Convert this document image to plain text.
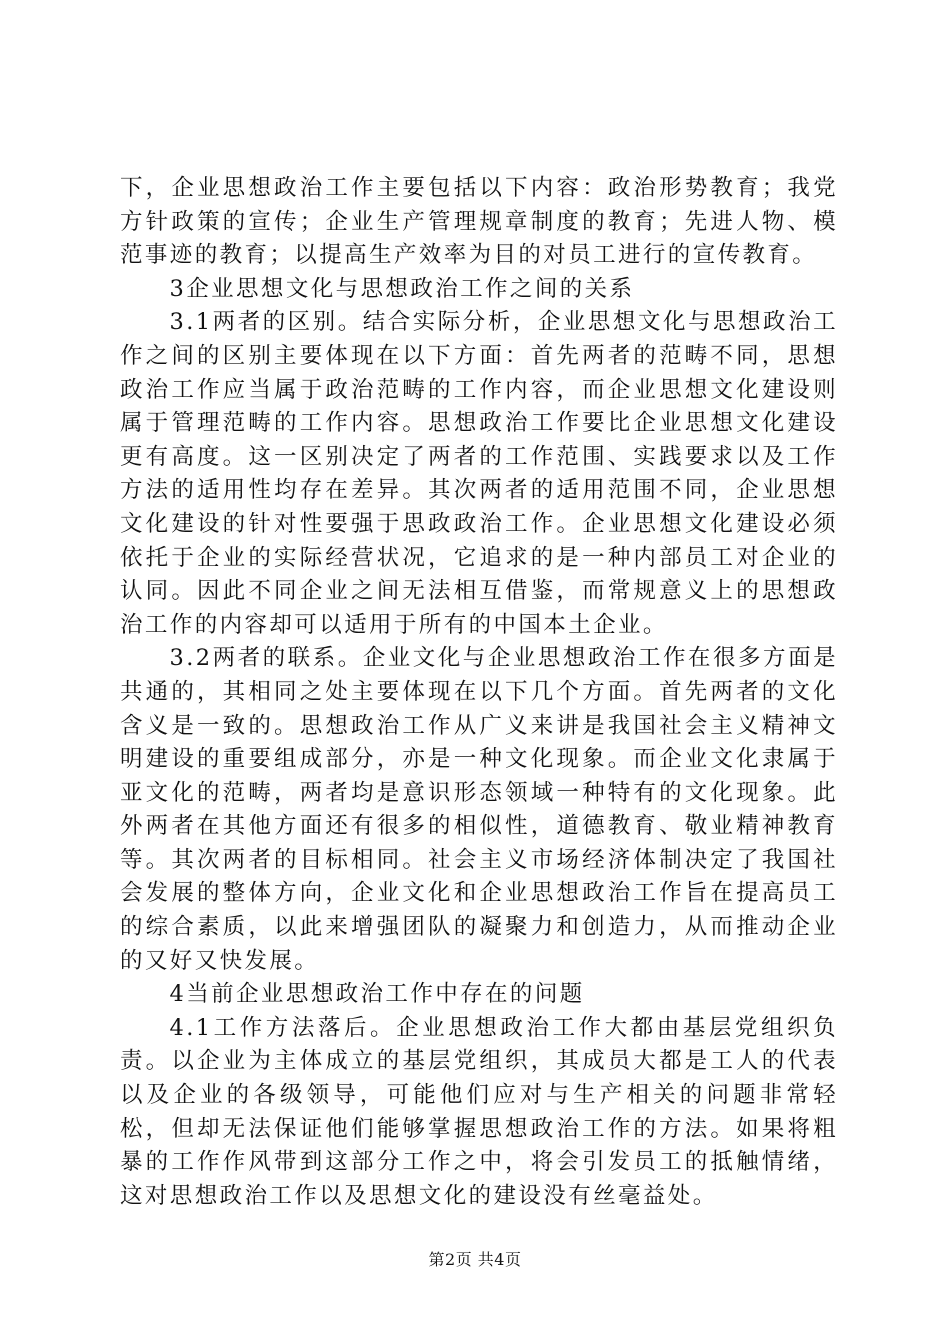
下，企业思想政治工作主要包括以下内容：政治形势教育；我党方针政策的宣传；企业生产管理规章制度的教育；先进人物、模范事迹的教育；以提高生产效率为目的对员工进行的宣传教育。

3企业思想文化与思想政治工作之间的关系

3.1两者的区别。结合实际分析，企业思想文化与思想政治工作之间的区别主要体现在以下方面：首先两者的范畴不同，思想政治工作应当属于政治范畴的工作内容，而企业思想文化建设则属于管理范畴的工作内容。思想政治工作要比企业思想文化建设更有高度。这一区别决定了两者的工作范围、实践要求以及工作方法的适用性均存在差异。其次两者的适用范围不同，企业思想文化建设的针对性要强于思政政治工作。企业思想文化建设必须依托于企业的实际经营状况，它追求的是一种内部员工对企业的认同。因此不同企业之间无法相互借鉴，而常规意义上的思想政治工作的内容却可以适用于所有的中国本土企业。

3.2两者的联系。企业文化与企业思想政治工作在很多方面是共通的，其相同之处主要体现在以下几个方面。首先两者的文化含义是一致的。思想政治工作从广义来讲是我国社会主义精神文明建设的重要组成部分，亦是一种文化现象。而企业文化隶属于亚文化的范畴，两者均是意识形态领域一种特有的文化现象。此外两者在其他方面还有很多的相似性，道德教育、敬业精神教育等。其次两者的目标相同。社会主义市场经济体制决定了我国社会发展的整体方向，企业文化和企业思想政治工作旨在提高员工的综合素质，以此来增强团队的凝聚力和创造力，从而推动企业的又好又快发展。

4当前企业思想政治工作中存在的问题

4.1工作方法落后。企业思想政治工作大都由基层党组织负责。以企业为主体成立的基层党组织，其成员大都是工人的代表以及企业的各级领导，可能他们应对与生产相关的问题非常轻松，但却无法保证他们能够掌握思想政治工作的方法。如果将粗暴的工作作风带到这部分工作之中，将会引发员工的抵触情绪，这对思想政治工作以及思想文化的建设没有丝毫益处。

第2页 共4页
